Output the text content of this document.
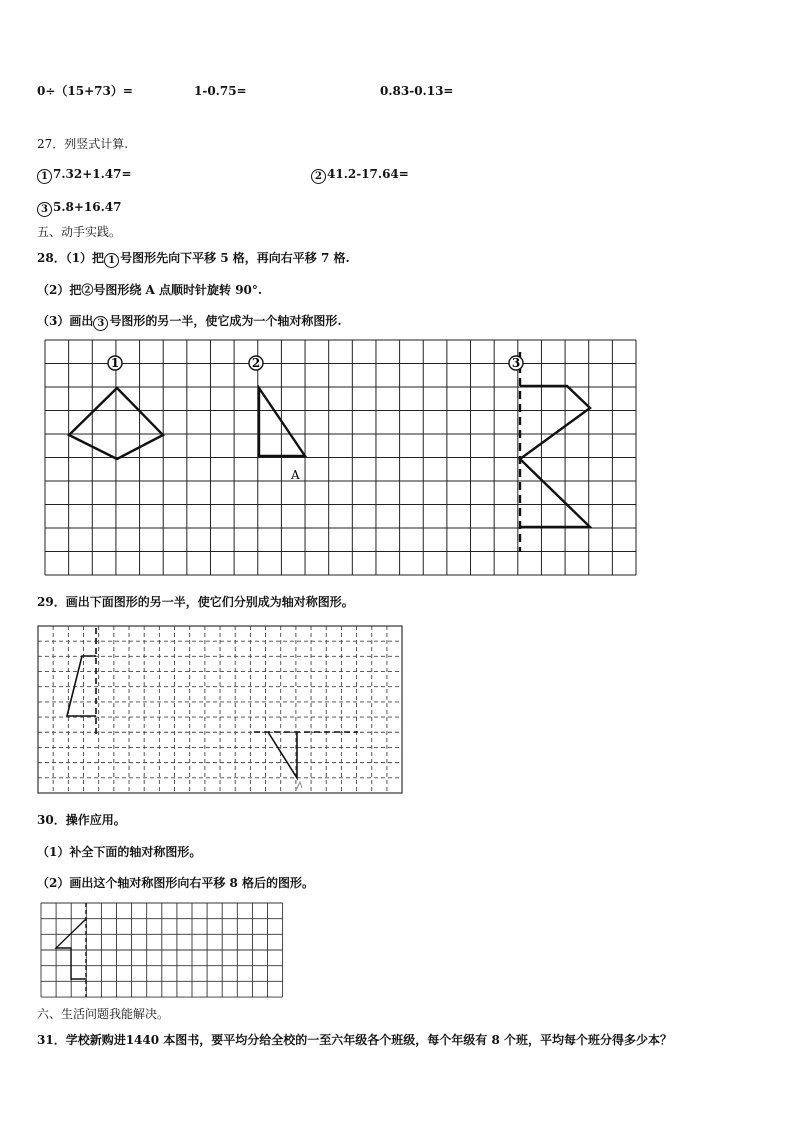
0÷（15+73）=	1-0.75=	0.83-0.13=
27．列竖式计算.
1 7.32+1.47=	2 41.2-17.64=
3 5.8+16.47
五、动手实践。
28．（1）把 1 号图形先向下平移 5 格，再向右平移 7 格.
（2）把②号图形绕 A 点顺时针旋转 90°.
（3）画出 3 号图形的另一半，使它成为一个轴对称图形.
1	2	3
A
29．画出下面图形的另一半，使它们分别成为轴对称图形。
30．操作应用。
（1）补全下面的轴对称图形。
（2）画出这个轴对称图形向右平移 8 格后的图形。
六、生活问题我能解决。
31．学校新购进1440 本图书，要平均分给全校的一至六年级各个班级，每个年级有 8 个班，平均每个班分得多少本？
